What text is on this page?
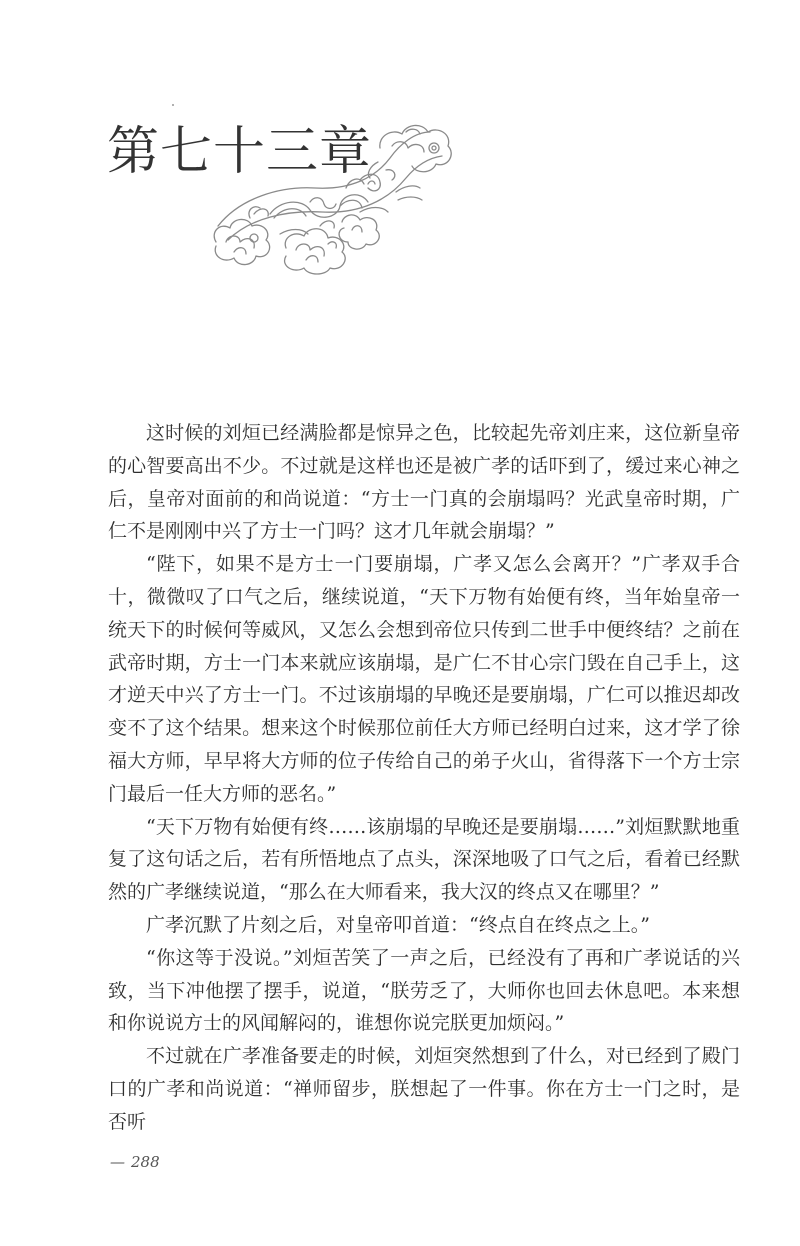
第七十三章

这时候的刘烜已经满脸都是惊异之色，比较起先帝刘庄来，这位新皇帝的心智要高出不少。不过就是这样也还是被广孝的话吓到了，缓过来心神之后，皇帝对面前的和尚说道：“方士一门真的会崩塌吗？光武皇帝时期，广仁不是刚刚中兴了方士一门吗？这才几年就会崩塌？”

“陛下，如果不是方士一门要崩塌，广孝又怎么会离开？”广孝双手合十，微微叹了口气之后，继续说道，“天下万物有始便有终，当年始皇帝一统天下的时候何等威风，又怎么会想到帝位只传到二世手中便终结？之前在武帝时期，方士一门本来就应该崩塌，是广仁不甘心宗门毁在自己手上，这才逆天中兴了方士一门。不过该崩塌的早晚还是要崩塌，广仁可以推迟却改变不了这个结果。想来这个时候那位前任大方师已经明白过来，这才学了徐福大方师，早早将大方师的位子传给自己的弟子火山，省得落下一个方士宗门最后一任大方师的恶名。”

“天下万物有始便有终……该崩塌的早晚还是要崩塌……”刘烜默默地重复了这句话之后，若有所悟地点了点头，深深地吸了口气之后，看着已经默然的广孝继续说道，“那么在大师看来，我大汉的终点又在哪里？”

广孝沉默了片刻之后，对皇帝叩首道：“终点自在终点之上。”

“你这等于没说。”刘烜苦笑了一声之后，已经没有了再和广孝说话的兴致，当下冲他摆了摆手，说道，“朕劳乏了，大师你也回去休息吧。本来想和你说说方士的风闻解闷的，谁想你说完朕更加烦闷。”

不过就在广孝准备要走的时候，刘烜突然想到了什么，对已经到了殿门口的广孝和尚说道：“禅师留步，朕想起了一件事。你在方士一门之时，是否听

— 288
